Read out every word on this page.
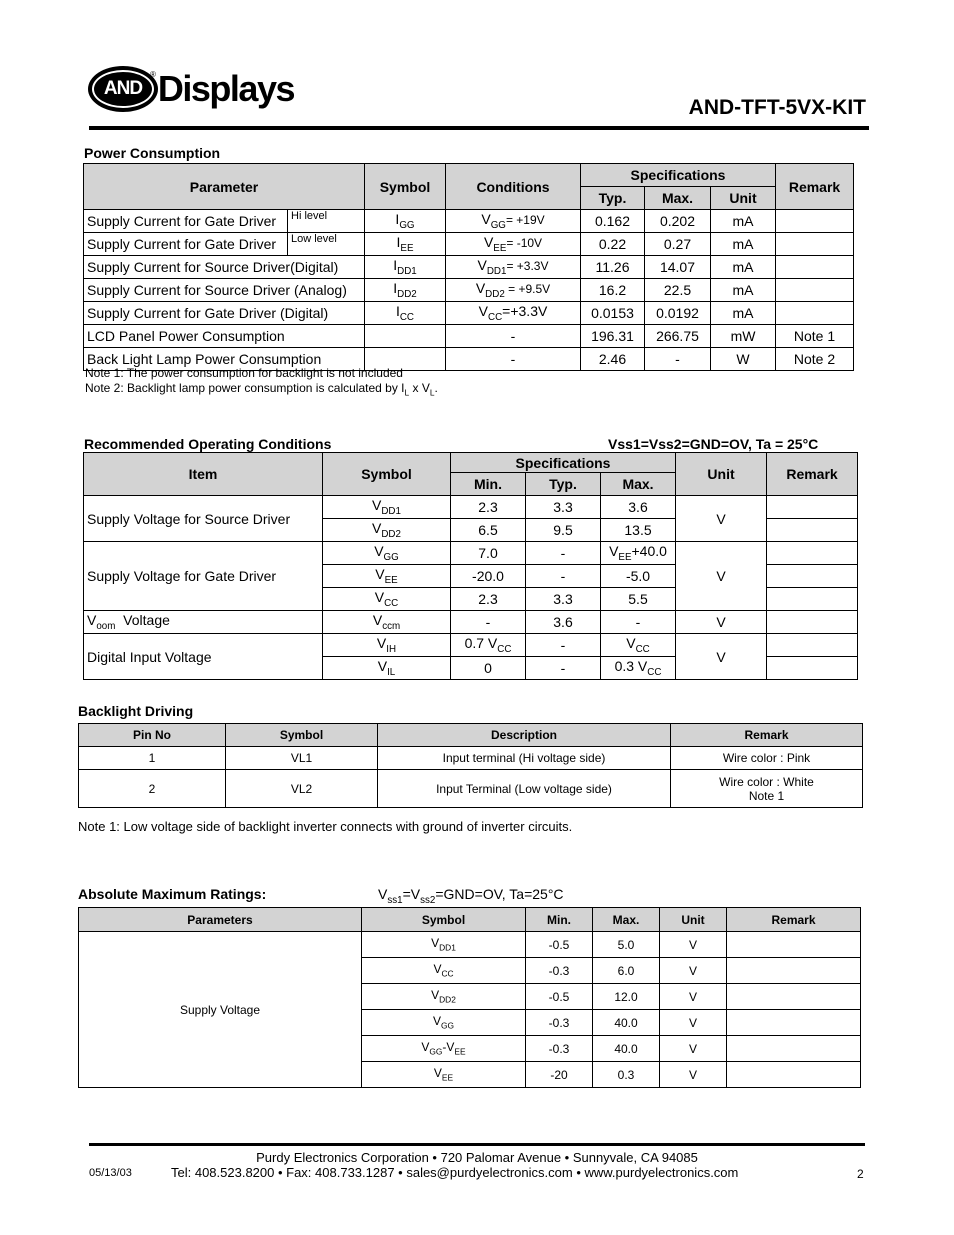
AND
® Displays	AND-TFT-5VX-KIT
Power Consumption
Parameter		Symbol	Conditions	Specifications			Remark
				Typ.	Max.	Unit	
Supply Current for Gate Driver	Hi level	$I_{GG}$	$V_{GG}= +19V$	0.162	0.202	mA	
Supply Current for Gate Driver	Low level	$I_{EE}$	$V_{EE}= -10V$	0.22	0.27	mA	
Supply Current for Source Driver(Digital)		$I_{DD1}$	$V_{DD1}= +3.3V$	11.26	14.07	mA	
Supply Current for Source Driver (Analog)		$I_{DD2}$	$V_{DD2} = +9.5V$	16.2	22.5	mA	
Supply Current for Gate Driver (Digital)		$I_{CC}$	$V_{CC}=+3.3V$	0.0153	0.0192	mA	
LCD Panel Power Consumption			-	196.31	266.75	mW	Note 1
Back Light Lamp Power Consumption			-	2.46	-	W	Note 2
Note 1: The power consumption for backlight is not included
Note 2: Backlight lamp power consumption is calculated by $I_L$ x $V_L$.
Recommended Operating Conditions	Vss1=Vss2=GND=OV, Ta = 25°C
Item	Symbol	Specifications			Unit	Remark
		Min.	Typ.	Max.		
Supply Voltage for Source Driver	$V_{DD1}$	2.3	3.3	3.6	V	
	$V_{DD2}$	6.5	9.5	13.5		
Supply Voltage for Gate Driver	$V_{GG}$	7.0	-	$V_{EE}+40.0$	V	
	$V_{EE}$	-20.0	-	-5.0		
	$V_{CC}$	2.3	3.3	5.5		
$V_{oom}$  Voltage	$V_{ccm}$	-	3.6	-	V	
Digital Input Voltage	$V_{IH}$	0.7 $V_{CC}$	-	$V_{CC}$	V	
	$V_{IL}$	0	-	0.3 $V_{CC}$	
Backlight Driving
Pin No	Symbol	Description	Remark
1	VL1	Input terminal (Hi voltage side)	Wire color : Pink
2	VL2	Input Terminal (Low voltage side)	Wire color : White
Note 1
Note 1: Low voltage side of backlight inverter connects with ground of inverter circuits.
Absolute Maximum Ratings:	$V_{ss1}=V_{ss2}=GND=OV$, Ta=25°C
Parameters	Symbol	Min.	Max.	Unit	Remark
Supply Voltage	$V_{DD1}$	-0.5	5.0	V	
	$V_{CC}$	-0.3	6.0	V	
	$V_{DD2}$	-0.5	12.0	V	
	$V_{GG}$	-0.3	40.0	V	
	$V_{GG}-V_{EE}$	-0.3	40.0	V	
	$V_{EE}$	-20	0.3	V	
Purdy Electronics Corporation • 720 Palomar Avenue • Sunnyvale, CA 94085
05/13/03	Tel: 408.523.8200 • Fax: 408.733.1287 • sales@purdyelectronics.com • www.purdyelectronics.com	2
